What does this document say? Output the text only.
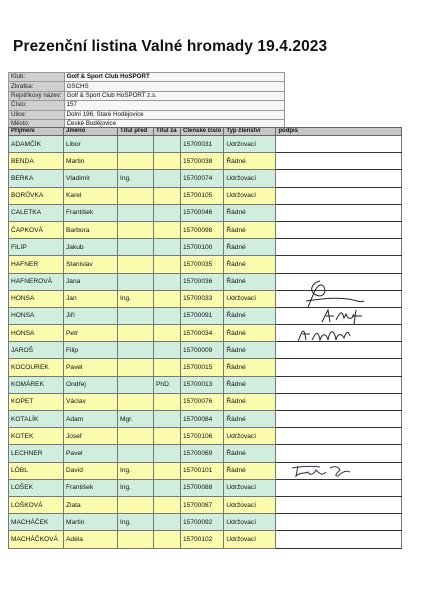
Prezenční listina Valné hromady 19.4.2023
Klub:	Golf & Sport Club HoSPORT
Zkratka:	GSCHS
Rejstříkový název:	Golf & Sport Club HoSPORT z.s.
Číslo:	157
Ulice:	Dolní 196, Staré Hodějovice
Město:	České Budějovice
Příjmení	Jméno	Titul před	Titul za	Členské číslo	Typ členství	podpis
ADAMČÍK	Libor			15700031	Udržovací	
BENDA	Martin			15700038	Řádné	
BERKA	Vladimír	Ing.		15700074	Udržovací	
BORŮVKA	Karel			15700105	Udržovací	
CALETKA	František			15700046	Řádné	
ČAPKOVÁ	Barbora			15700098	Řádné	
FILIP	Jakub			15700100	Řádné	
HAFNER	Stanislav			15700035	Řádné	
HAFNEROVÁ	Jana			15700036	Řádné	
HONSA	Jan	Ing.		15700033	Udržovací	
HONSA	Jiří			15700091	Řádné	
HONSA	Petr			15700034	Řádné	
JAROŠ	Filip			15700009	Řádné	
KOCOUREK	Pavel			15700015	Řádné	
KOMÁREK	Ondřej		PhD.	15700013	Řádné	
KOPET	Václav			15700076	Řádné	
KOTALÍK	Adam	Mgr.		15700084	Řádné	
KOTEK	Josef			15700106	Udržovací	
LECHNER	Pavel			15700069	Řádné	
LÖBL	David	Ing.		15700101	Řádné	
LOŠEK	František	Ing.		15700088	Udržovací	
LOŠKOVÁ	Zlata			15700087	Udržovací	
MACHÁČEK	Martin	Ing.		15700092	Udržovací	
MACHÁČKOVÁ	Adéla			15700102	Udržovací	
